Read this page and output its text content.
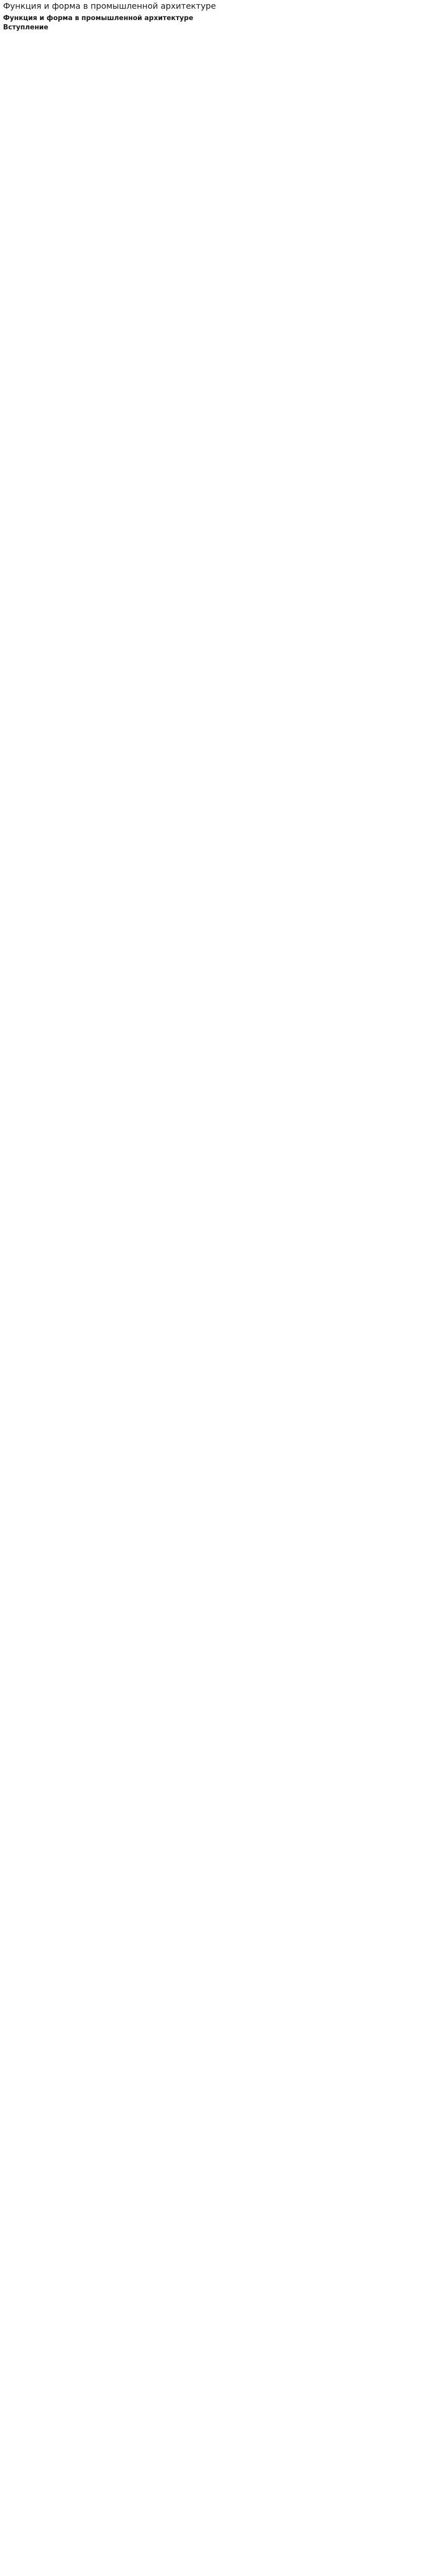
Функция и форма в промышленной архитектуре
Функция и форма в промышленной архитектуре
Вступление
